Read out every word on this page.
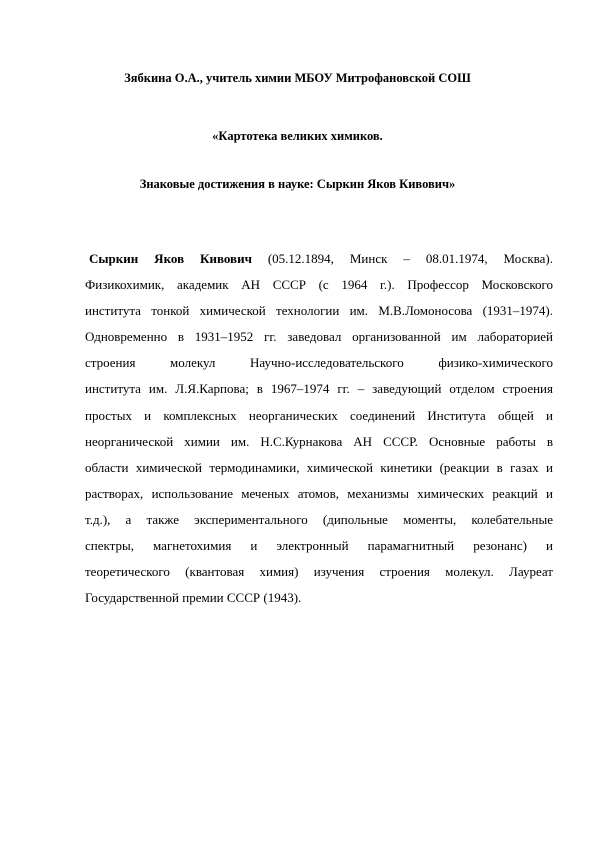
Зябкина О.А., учитель химии МБОУ Митрофановской СОШ
«Картотека великих химиков.
Знаковые достижения в науке: Сыркин Яков Кивович»
Сыркин Яков Кивович (05.12.1894, Минск – 08.01.1974, Москва).
Физикохимик, академик АН СССР (с 1964 г.). Профессор Московского
института тонкой химической технологии им. М.В.Ломоносова (1931–1974).
Одновременно в 1931–1952 гг. заведовал организованной им лабораторией
строения молекул Научно-исследовательского физико-химического
института им. Л.Я.Карпова; в 1967–1974 гг. – заведующий отделом строения
простых и комплексных неорганических соединений Института общей и
неорганической химии им. Н.С.Курнакова АН СССР. Основные работы в
области химической термодинамики, химической кинетики (реакции в газах и
растворах, использование меченых атомов, механизмы химических реакций и
т.д.), а также экспериментального (дипольные моменты, колебательные
спектры, магнетохимия и электронный парамагнитный резонанс) и
теоретического (квантовая химия) изучения строения молекул. Лауреат
Государственной премии СССР (1943).
